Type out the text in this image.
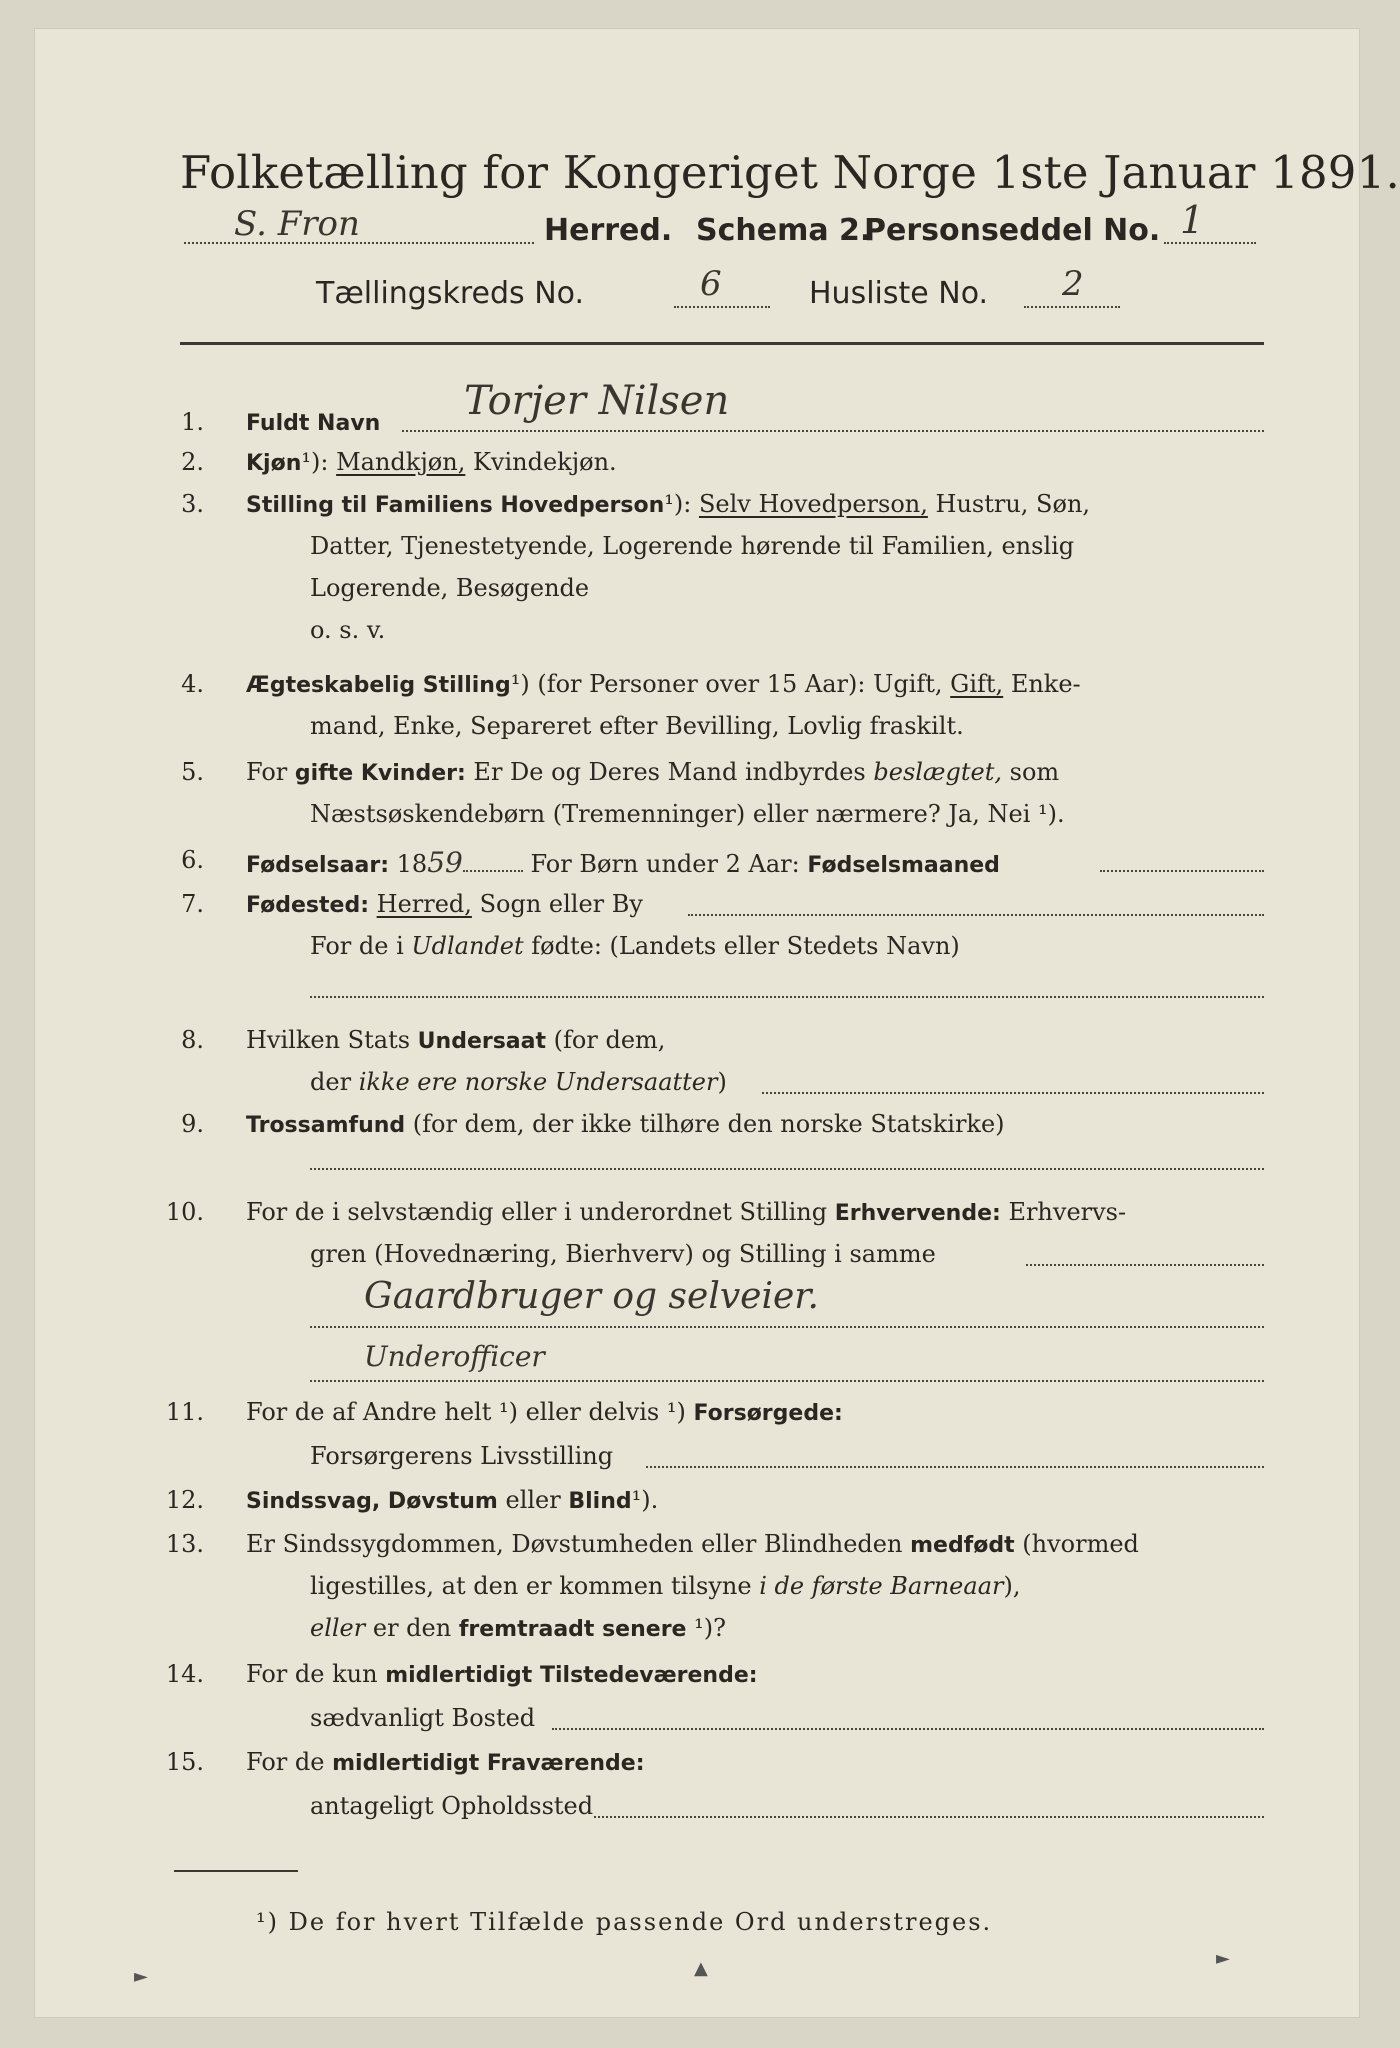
Folketælling for Kongeriget Norge 1ste Januar 1891.
S. Fron	Herred. Schema 2.
Personseddel No. 1
Tællingskreds No.	6	Husliste No. 2
1. Fuldt Navn Torjer Nilsen
2. Kjøn¹): Mandkjøn, Kvindekjøn.
3. Stilling til Familiens Hovedperson¹): Selv Hovedperson, Hustru, Søn,
Datter, Tjenestetyende, Logerende hørende til Familien, enslig
Logerende, Besøgende
o. s. v.
4. Ægteskabelig Stilling¹) (for Personer over 15 Aar): Ugift, Gift, Enke-
mand, Enke, Separeret efter Bevilling, Lovlig fraskilt.
5. For gifte Kvinder: Er De og Deres Mand indbyrdes beslægtet, som
Næstsøskendebørn (Tremenninger) eller nærmere? Ja, Nei ¹).
6. Fødselsaar: 1859	For Børn under 2 Aar: Fødselsmaaned
7. Fødested: Herred, Sogn eller By
For de i Udlandet fødte: (Landets eller Stedets Navn)
8. Hvilken Stats Undersaat (for dem,
der ikke ere norske Undersaatter)
9. Trossamfund (for dem, der ikke tilhøre den norske Statskirke)
10. For de i selvstændig eller i underordnet Stilling Erhvervende: Erhvervs-
gren (Hovednæring, Bierhverv) og Stilling i samme
Gaardbruger og selveier.
Underofficer
11. For de af Andre helt ¹) eller delvis ¹) Forsørgede:
Forsørgerens Livsstilling
12. Sindssvag, Døvstum eller Blind¹).
13. Er Sindssygdommen, Døvstumheden eller Blindheden medfødt (hvormed
ligestilles, at den er kommen tilsyne i de første Barneaar),
eller er den fremtraadt senere ¹)?
14. For de kun midlertidigt Tilstedeværende:
sædvanligt Bosted
15. For de midlertidigt Fraværende:
antageligt Opholdssted
¹) De for hvert Tilfælde passende Ord understreges.
►	▲	►
